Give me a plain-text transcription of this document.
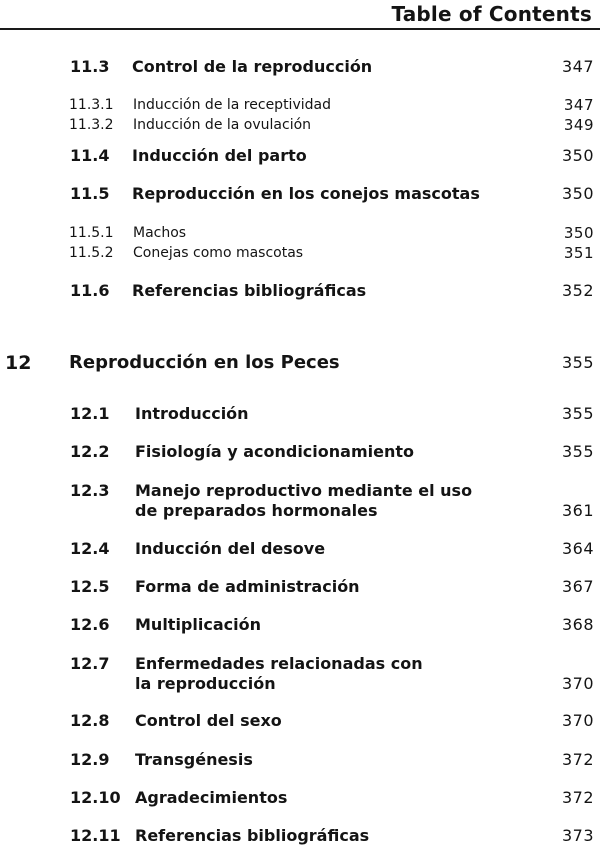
Table of Contents
11.3 Control de la reproducción	347
11.3.1 Inducción de la receptividad	347
11.3.2 Inducción de la ovulación	349
11.4 Inducción del parto	350
11.5 Reproducción en los conejos mascotas	350
11.5.1 Machos	350
11.5.2 Conejas como mascotas	351
11.6 Referencias bibliográficas	352
12 Reproducción en los Peces	355
12.1 Introducción	355
12.2 Fisiología y acondicionamiento	355
12.3 Manejo reproductivo mediante el uso
de preparados hormonales	361
12.4 Inducción del desove	364
12.5 Forma de administración	367
12.6 Multiplicación	368
12.7 Enfermedades relacionadas con
la reproducción	370
12.8 Control del sexo	370
12.9 Transgénesis	372
12.10 Agradecimientos	372
12.11 Referencias bibliográficas	373
